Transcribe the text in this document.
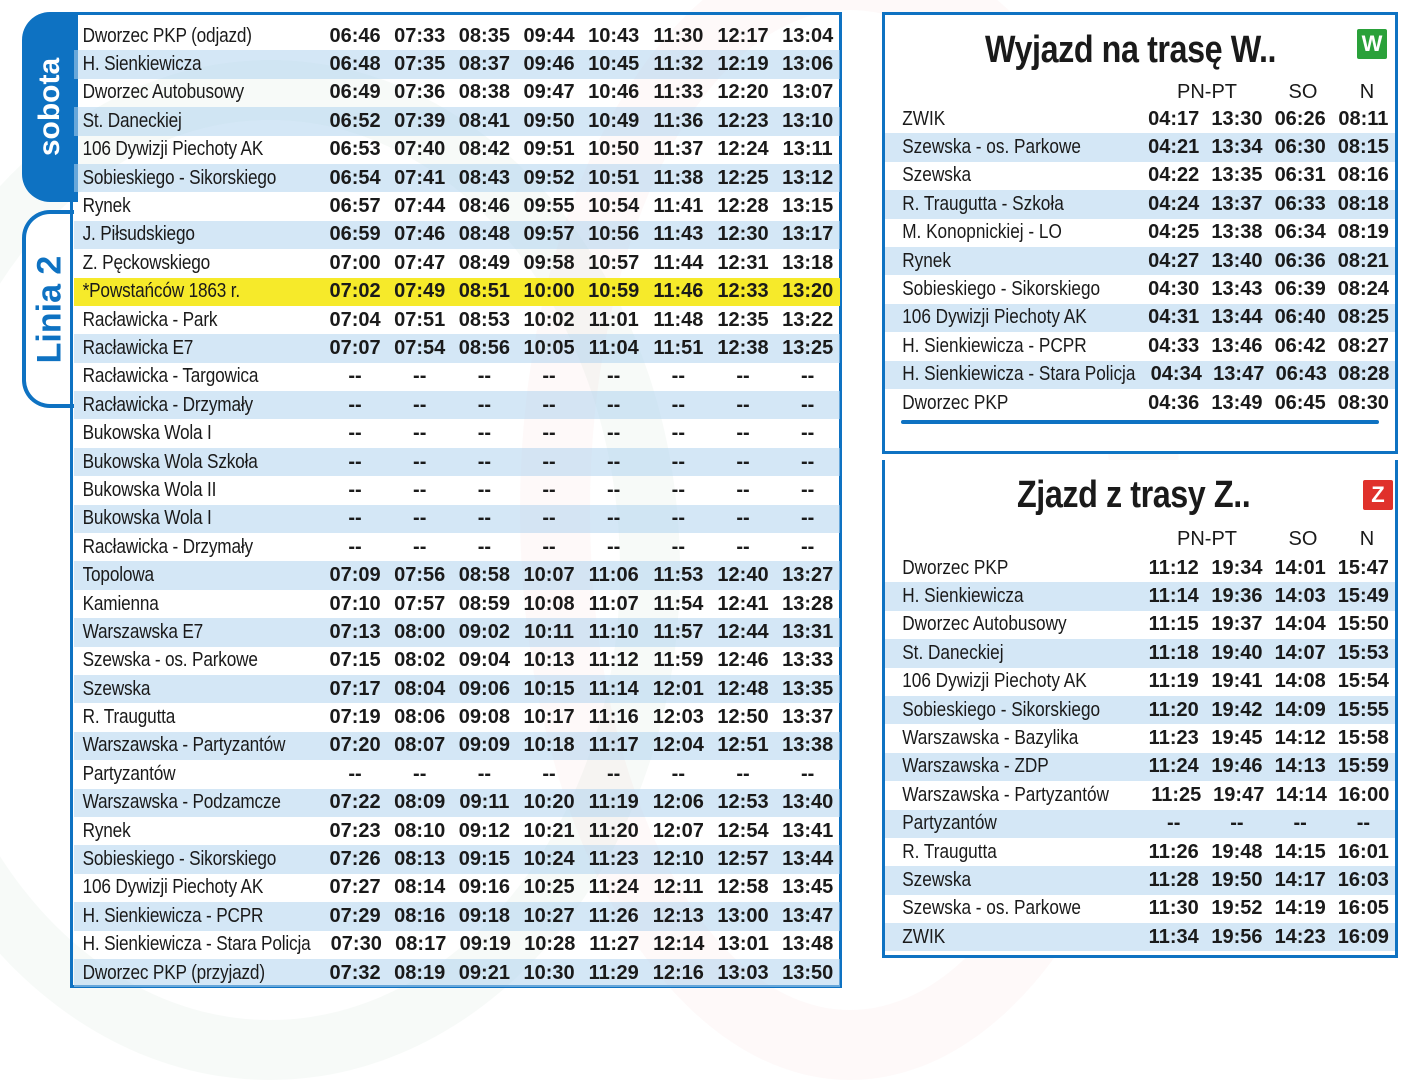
sobota
Linia 2
Dworzec PKP (odjazd)	06:46 07:33 08:35 09:44 10:43 11:30 12:17 13:04
H. Sienkiewicza	06:48 07:35 08:37 09:46 10:45 11:32 12:19 13:06
Dworzec Autobusowy	06:49 07:36 08:38 09:47 10:46 11:33 12:20 13:07
St. Daneckiej	06:52 07:39 08:41 09:50 10:49 11:36 12:23 13:10
106 Dywizji Piechoty AK	06:53 07:40 08:42 09:51 10:50 11:37 12:24 13:11
Sobieskiego - Sikorskiego	06:54 07:41 08:43 09:52 10:51 11:38 12:25 13:12
Rynek	06:57 07:44 08:46 09:55 10:54 11:41 12:28 13:15
J. Piłsudskiego	06:59 07:46 08:48 09:57 10:56 11:43 12:30 13:17
Z. Pęckowskiego	07:00 07:47 08:49 09:58 10:57 11:44 12:31 13:18
*Powstańców 1863 r.	07:02 07:49 08:51 10:00 10:59 11:46 12:33 13:20
Racławicka - Park	07:04 07:51 08:53 10:02 11:01 11:48 12:35 13:22
Racławicka E7	07:07 07:54 08:56 10:05 11:04 11:51 12:38 13:25
Racławicka - Targowica	--	--	--	--	--	--	--	--
Racławicka - Drzymały	--	--	--	--	--	--	--	--
Bukowska Wola I	--	--	--	--	--	--	--	--
Bukowska Wola Szkoła	--	--	--	--	--	--	--	--
Bukowska Wola II	--	--	--	--	--	--	--	--
Bukowska Wola I	--	--	--	--	--	--	--	--
Racławicka - Drzymały	--	--	--	--	--	--	--	--
Topolowa	07:09 07:56 08:58 10:07 11:06 11:53 12:40 13:27
Kamienna	07:10 07:57 08:59 10:08 11:07 11:54 12:41 13:28
Warszawska E7	07:13 08:00 09:02 10:11 11:10 11:57 12:44 13:31
Szewska - os. Parkowe	07:15 08:02 09:04 10:13 11:12 11:59 12:46 13:33
Szewska	07:17 08:04 09:06 10:15 11:14 12:01 12:48 13:35
R. Traugutta	07:19 08:06 09:08 10:17 11:16 12:03 12:50 13:37
Warszawska - Partyzantów	07:20 08:07 09:09 10:18 11:17 12:04 12:51 13:38
Partyzantów	--	--	--	--	--	--	--	--
Warszawska - Podzamcze	07:22 08:09 09:11 10:20 11:19 12:06 12:53 13:40
Rynek	07:23 08:10 09:12 10:21 11:20 12:07 12:54 13:41
Sobieskiego - Sikorskiego	07:26 08:13 09:15 10:24 11:23 12:10 12:57 13:44
106 Dywizji Piechoty AK	07:27 08:14 09:16 10:25 11:24 12:11 12:58 13:45
H. Sienkiewicza - PCPR	07:29 08:16 09:18 10:27 11:26 12:13 13:00 13:47
H. Sienkiewicza - Stara Policja	07:30 08:17 09:19 10:28 11:27 12:14 13:01 13:48
Dworzec PKP (przyjazd)	07:32 08:19 09:21 10:30 11:29 12:16 13:03 13:50
Wyjazd na trasę W..	W
PN-PT	SO	N
ZWIK	04:17 13:30 06:26 08:11
Szewska - os. Parkowe	04:21 13:34 06:30 08:15
Szewska	04:22 13:35 06:31 08:16
R. Traugutta - Szkoła	04:24 13:37 06:33 08:18
M. Konopnickiej - LO	04:25 13:38 06:34 08:19
Rynek	04:27 13:40 06:36 08:21
Sobieskiego - Sikorskiego	04:30 13:43 06:39 08:24
106 Dywizji Piechoty AK	04:31 13:44 06:40 08:25
H. Sienkiewicza - PCPR	04:33 13:46 06:42 08:27
H. Sienkiewicza - Stara Policja 04:34 13:47 06:43 08:28
Dworzec PKP	04:36 13:49 06:45 08:30
Zjazd z trasy Z..	Z
PN-PT	SO	N
Dworzec PKP	11:12 19:34 14:01 15:47
H. Sienkiewicza	11:14 19:36 14:03 15:49
Dworzec Autobusowy	11:15 19:37 14:04 15:50
St. Daneckiej	11:18 19:40 14:07 15:53
106 Dywizji Piechoty AK	11:19 19:41 14:08 15:54
Sobieskiego - Sikorskiego	11:20 19:42 14:09 15:55
Warszawska - Bazylika	11:23 19:45 14:12 15:58
Warszawska - ZDP	11:24 19:46 14:13 15:59
Warszawska - Partyzantów	11:25 19:47 14:14 16:00
Partyzantów	--	--	--	--
R. Traugutta	11:26 19:48 14:15 16:01
Szewska	11:28 19:50 14:17 16:03
Szewska - os. Parkowe	11:30 19:52 14:19 16:05
ZWIK	11:34 19:56 14:23 16:09
